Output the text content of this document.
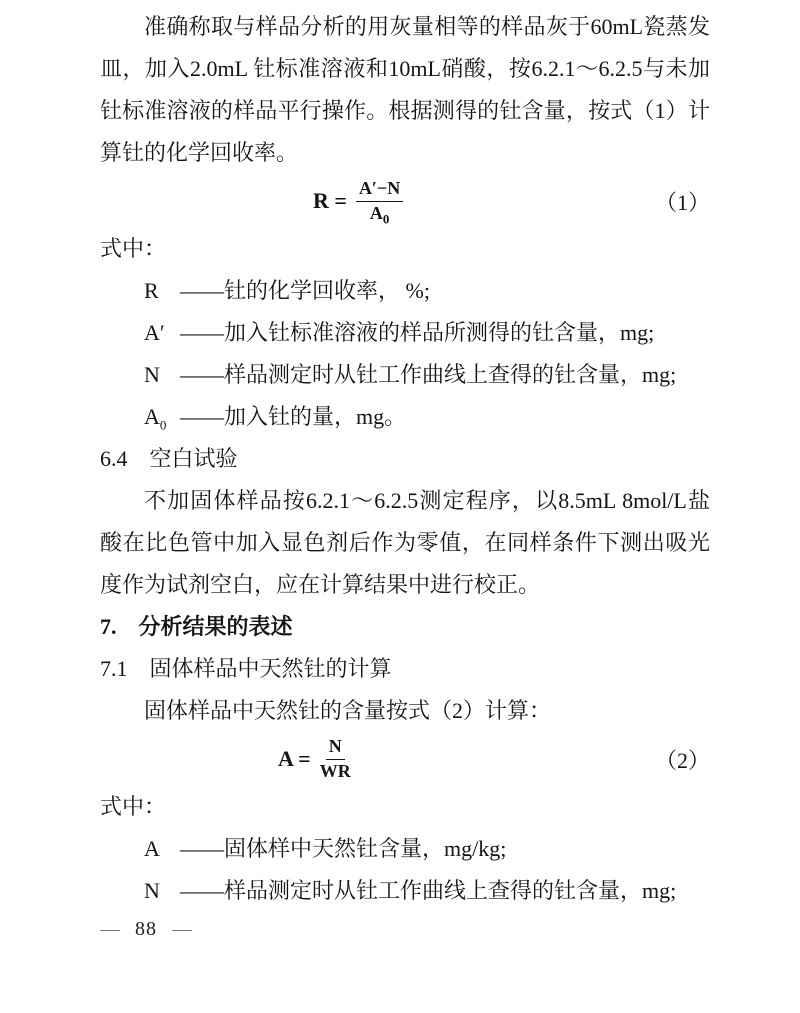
准确称取与样品分析的用灰量相等的样品灰于60mL瓷蒸发皿，加入2.0mL 钍标准溶液和10mL硝酸，按6.2.1～6.2.5与未加钍标准溶液的样品平行操作。根据测得的钍含量，按式（1）计算钍的化学回收率。

$R = \frac{A'-N}{A_0}$	（1）

式中：

R ——钍的化学回收率， %;
A′ ——加入钍标准溶液的样品所测得的钍含量，mg;
N ——样品测定时从钍工作曲线上查得的钍含量，mg;
$A_0$ ——加入钍的量，mg。

6.4　空白试验

不加固体样品按6.2.1～6.2.5测定程序，以8.5mL 8mol/L盐酸在比色管中加入显色剂后作为零值，在同样条件下测出吸光度作为试剂空白，应在计算结果中进行校正。

7.　分析结果的表述

7.1　固体样品中天然钍的计算

固体样品中天然钍的含量按式（2）计算：

$A = \frac{N}{WR}$	（2）

式中：

A ——固体样中天然钍含量，mg/kg;
N ——样品测定时从钍工作曲线上查得的钍含量，mg;
— 88 —
